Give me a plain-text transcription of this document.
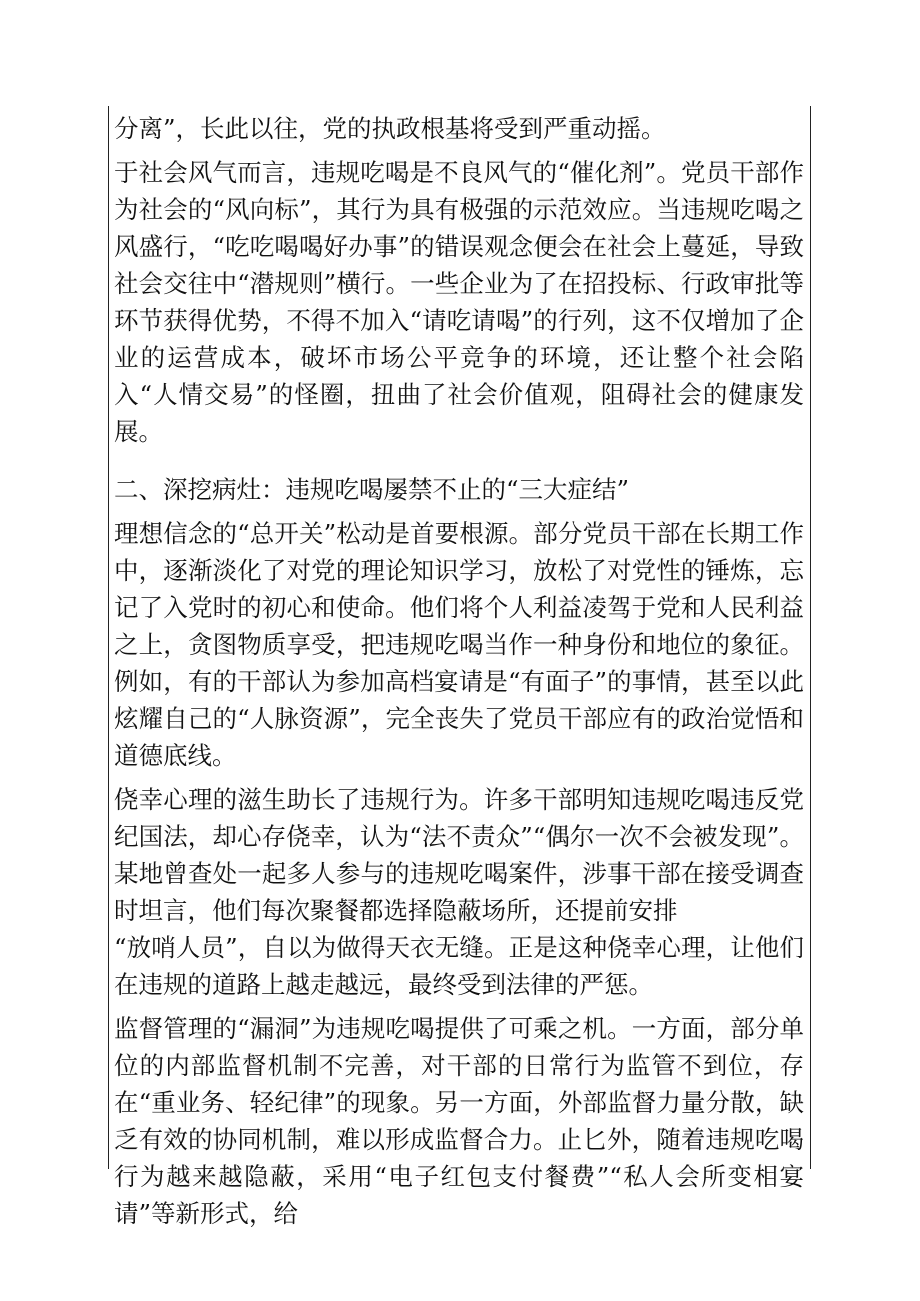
分离”，长此以往，党的执政根基将受到严重动摇。

于社会风气而言，违规吃喝是不良风气的“催化剂”。党员干部作为社会的“风向标”，其行为具有极强的示范效应。当违规吃喝之风盛行，“吃吃喝喝好办事”的错误观念便会在社会上蔓延，导致社会交往中“潜规则”横行。一些企业为了在招投标、行政审批等环节获得优势，不得不加入“请吃请喝”的行列，这不仅增加了企业的运营成本，破坏市场公平竞争的环境，还让整个社会陷入“人情交易”的怪圈，扭曲了社会价值观，阻碍社会的健康发展。

二、深挖病灶：违规吃喝屡禁不止的“三大症结”

理想信念的“总开关”松动是首要根源。部分党员干部在长期工作中，逐渐淡化了对党的理论知识学习，放松了对党性的锤炼，忘记了入党时的初心和使命。他们将个人利益凌驾于党和人民利益之上，贪图物质享受，把违规吃喝当作一种身份和地位的象征。例如，有的干部认为参加高档宴请是“有面子”的事情，甚至以此炫耀自己的“人脉资源”，完全丧失了党员干部应有的政治觉悟和道德底线。

侥幸心理的滋生助长了违规行为。许多干部明知违规吃喝违反党纪国法，却心存侥幸，认为“法不责众”“偶尔一次不会被发现”。某地曾查处一起多人参与的违规吃喝案件，涉事干部在接受调查时坦言，他们每次聚餐都选择隐蔽场所，还提前安排

“放哨人员”，自以为做得天衣无缝。正是这种侥幸心理，让他们在违规的道路上越走越远，最终受到法律的严惩。

监督管理的“漏洞”为违规吃喝提供了可乘之机。一方面，部分单位的内部监督机制不完善，对干部的日常行为监管不到位，存在“重业务、轻纪律”的现象。另一方面，外部监督力量分散，缺乏有效的协同机制，难以形成监督合力。止匕外，随着违规吃喝行为越来越隐蔽，采用“电子红包支付餐费”“私人会所变相宴请”等新形式，给
